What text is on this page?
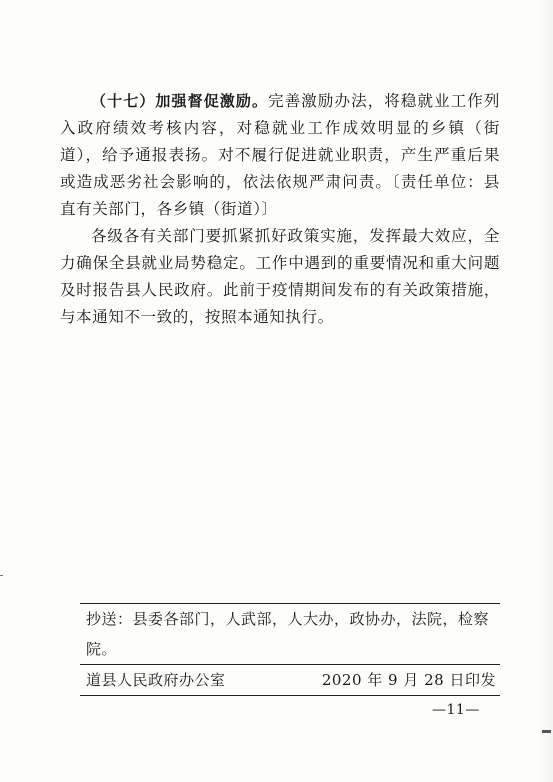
（十七）加强督促激励。完善激励办法，将稳就业工作列入政府绩效考核内容，对稳就业工作成效明显的乡镇（街道），给予通报表扬。对不履行促进就业职责，产生严重后果或造成恶劣社会影响的，依法依规严肃问责。〔责任单位：县直有关部门，各乡镇（街道）〕

各级各有关部门要抓紧抓好政策实施，发挥最大效应，全力确保全县就业局势稳定。工作中遇到的重要情况和重大问题及时报告县人民政府。此前于疫情期间发布的有关政策措施，与本通知不一致的，按照本通知执行。

抄送：县委各部门，人武部，人大办，政协办，法院，检察院。
道县人民政府办公室	2020 年 9 月 28 日印发
—11—
